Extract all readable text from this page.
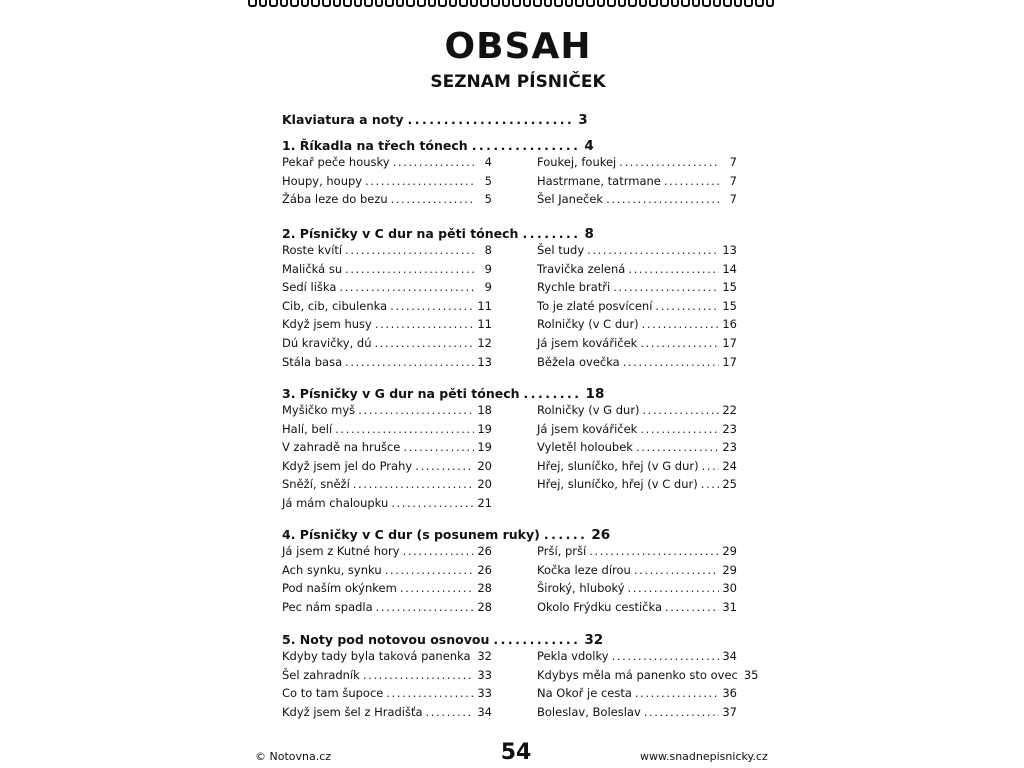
OBSAH
SEZNAM PÍSNIČEK
Klaviatura a noty ....................... 3
1. Říkadla na třech tónech ............... 4
Pekař peče housky .....	4
Houpy, houpy .....	5
Žába leze do bezu .....	5
Foukej, foukej .....	7
Hastrmane, tatrmane .....	7
Šel Janeček .....	7
2. Písničky v C dur na pěti tónech ........ 8
Roste kvítí .....	8
Maličká su .....	9
Sedí liška .....	9
Cib, cib, cibulenka .....	11
Když jsem husy .....	11
Dú kravičky, dú .....	12
Stála basa .....	13
Šel tudy .....	13
Travička zelená .....	14
Rychle bratři .....	15
To je zlaté posvícení .....	15
Rolničky (v C dur) .....	16
Já jsem kovářiček .....	17
Běžela ovečka .....	17
3. Písničky v G dur na pěti tónech ........ 18
Myšičko myš .....	18
Halí, belí .....	19
V zahradě na hrušce .....	19
Když jsem jel do Prahy .....	20
Sněží, sněží .....	20
Já mám chaloupku .....	21
Rolničky (v G dur) .....	22
Já jsem kovářiček .....	23
Vyletěl holoubek .....	23
Hřej, sluníčko, hřej (v G dur) ..... 24
Hřej, sluníčko, hřej (v C dur) ..... 25
4. Písničky v C dur (s posunem ruky) ...... 26
Já jsem z Kutné hory .....	26
Ach synku, synku .....	26
Pod naším okýnkem .....	28
Pec nám spadla .....	28
Prší, prší .....	29
Kočka leze dírou .....	29
Široký, hluboký .....	30
Okolo Frýdku cestička .....	31
5. Noty pod notovou osnovou ............ 32
Kdyby tady byla taková panenka ..... 32
Šel zahradník .....	33
Co to tam šupoce .....	33
Když jsem šel z Hradišťa .....	34
Pekla vdolky .....	34
Kdybys měla má panenko sto ovec 35
Na Okoř je cesta .....	36
Boleslav, Boleslav .....	37
© Notovna.cz	54	www.snadnepisnicky.cz
